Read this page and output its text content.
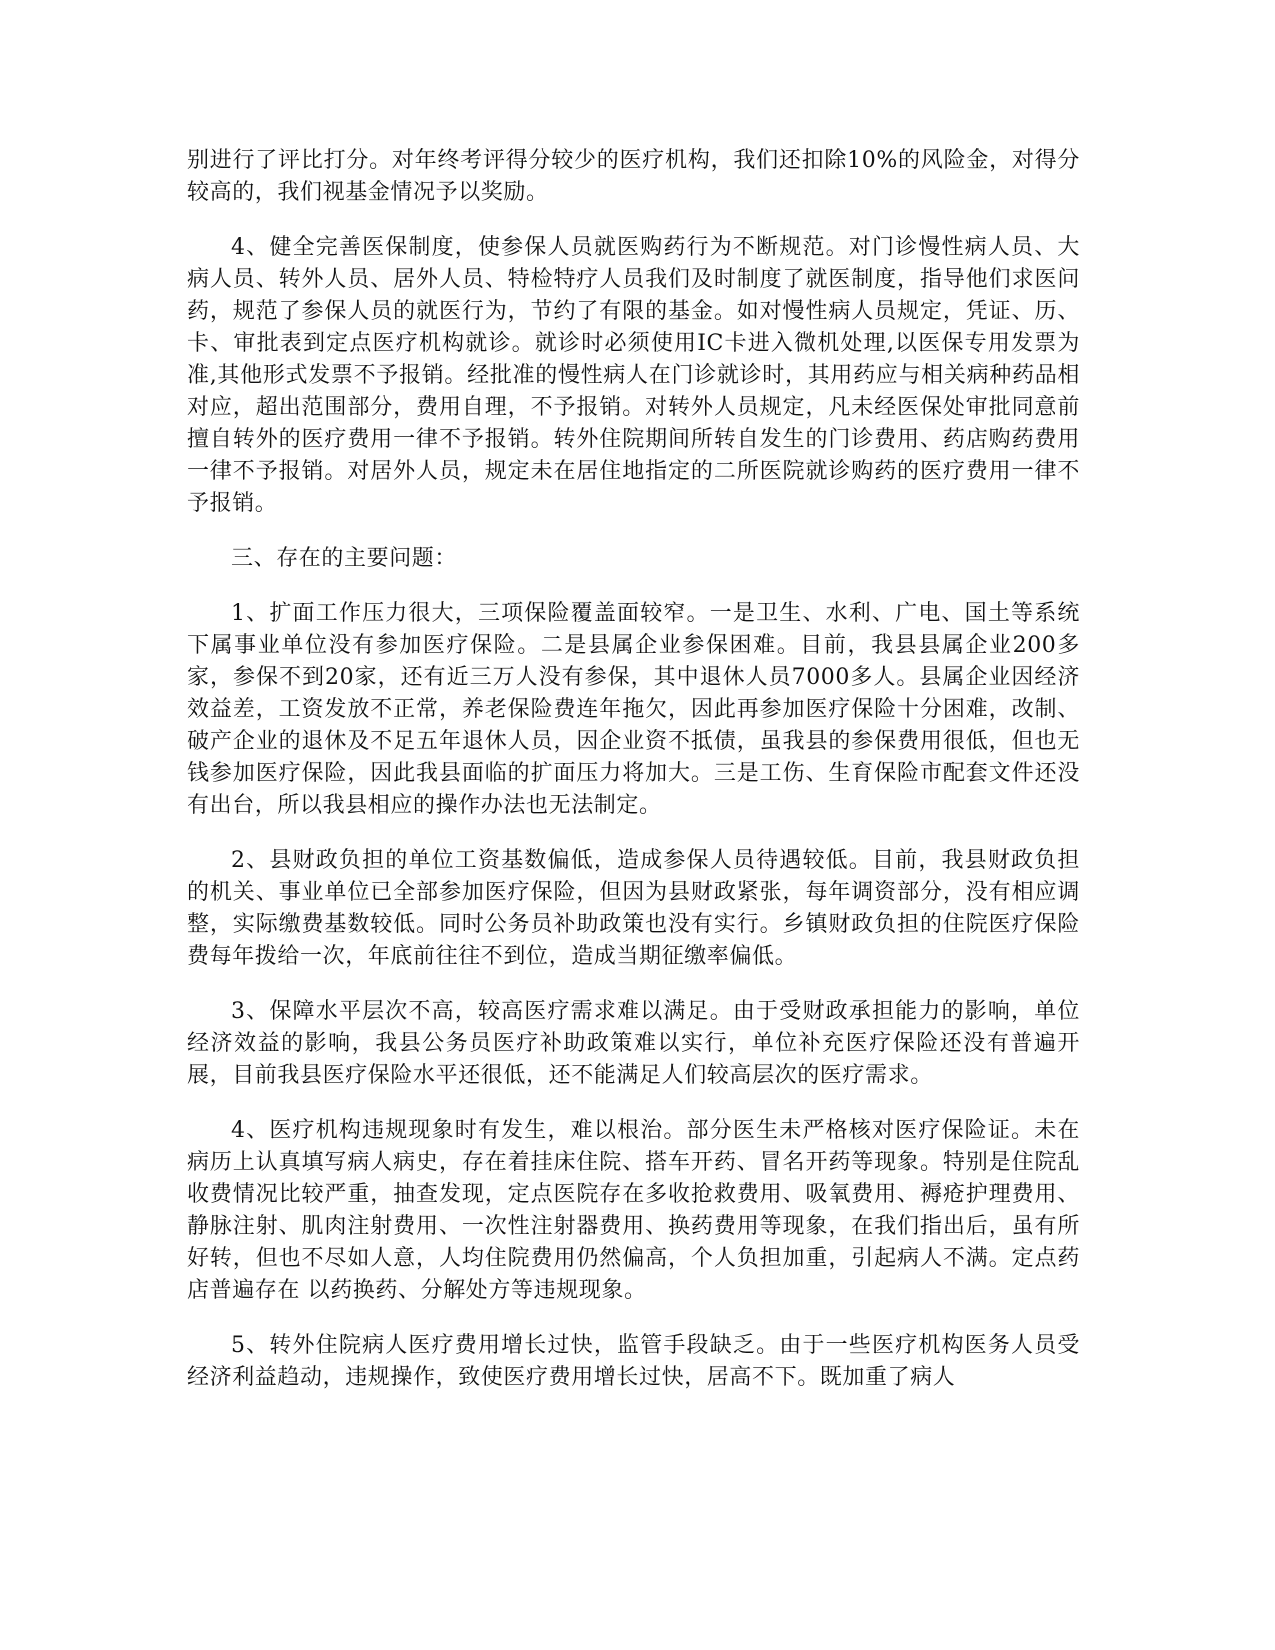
别进行了评比打分。对年终考评得分较少的医疗机构，我们还扣除10%的风险金，对得分较高的，我们视基金情况予以奖励。

4、健全完善医保制度，使参保人员就医购药行为不断规范。对门诊慢性病人员、大病人员、转外人员、居外人员、特检特疗人员我们及时制度了就医制度，指导他们求医问药，规范了参保人员的就医行为，节约了有限的基金。如对慢性病人员规定，凭证、历、卡、审批表到定点医疗机构就诊。就诊时必须使用IC卡进入微机处理,以医保专用发票为准,其他形式发票不予报销。经批准的慢性病人在门诊就诊时，其用药应与相关病种药品相对应，超出范围部分，费用自理，不予报销。对转外人员规定，凡未经医保处审批同意前擅自转外的医疗费用一律不予报销。转外住院期间所转自发生的门诊费用、药店购药费用一律不予报销。对居外人员，规定未在居住地指定的二所医院就诊购药的医疗费用一律不予报销。

三、存在的主要问题：

1、扩面工作压力很大，三项保险覆盖面较窄。一是卫生、水利、广电、国土等系统下属事业单位没有参加医疗保险。二是县属企业参保困难。目前，我县县属企业200多家，参保不到20家，还有近三万人没有参保，其中退休人员7000多人。县属企业因经济效益差，工资发放不正常，养老保险费连年拖欠，因此再参加医疗保险十分困难，改制、破产企业的退休及不足五年退休人员，因企业资不抵债，虽我县的参保费用很低，但也无钱参加医疗保险，因此我县面临的扩面压力将加大。三是工伤、生育保险市配套文件还没有出台，所以我县相应的操作办法也无法制定。

2、县财政负担的单位工资基数偏低，造成参保人员待遇较低。目前，我县财政负担的机关、事业单位已全部参加医疗保险，但因为县财政紧张，每年调资部分，没有相应调整，实际缴费基数较低。同时公务员补助政策也没有实行。乡镇财政负担的住院医疗保险费每年拨给一次，年底前往往不到位，造成当期征缴率偏低。

3、保障水平层次不高，较高医疗需求难以满足。由于受财政承担能力的影响，单位经济效益的影响，我县公务员医疗补助政策难以实行，单位补充医疗保险还没有普遍开展，目前我县医疗保险水平还很低，还不能满足人们较高层次的医疗需求。

4、医疗机构违规现象时有发生，难以根治。部分医生未严格核对医疗保险证。未在病历上认真填写病人病史，存在着挂床住院、搭车开药、冒名开药等现象。特别是住院乱收费情况比较严重，抽查发现，定点医院存在多收抢救费用、吸氧费用、褥疮护理费用、静脉注射、肌肉注射费用、一次性注射器费用、换药费用等现象，在我们指出后，虽有所好转，但也不尽如人意，人均住院费用仍然偏高，个人负担加重，引起病人不满。定点药店普遍存在 以药换药、分解处方等违规现象。

5、转外住院病人医疗费用增长过快，监管手段缺乏。由于一些医疗机构医务人员受经济利益趋动，违规操作，致使医疗费用增长过快，居高不下。既加重了病人
